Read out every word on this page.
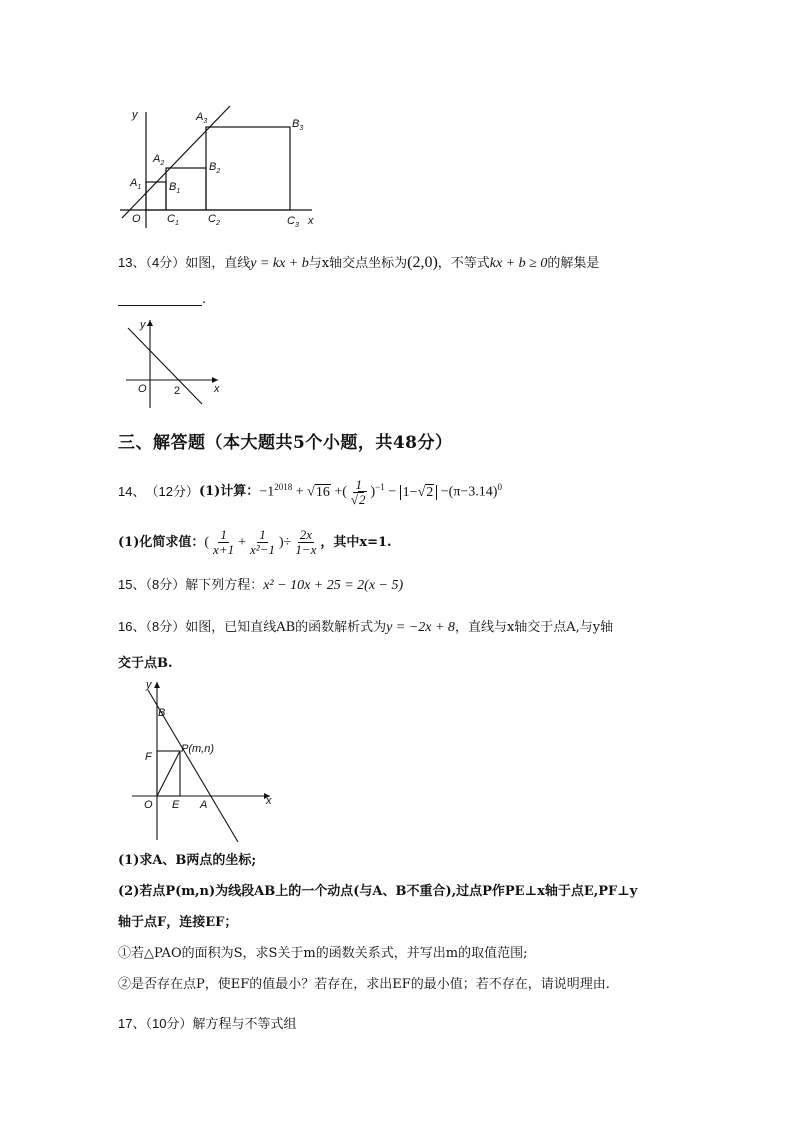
y
x
O
$A_1$
$A_2$
$A_3$
$B_1$
$B_2$
$B_3$
$C_1$	$C_2$	$C_3$
13、（4分）如图，直线y = kx + b与x轴交点坐标为(2,0)，不等式kx + b ≥ 0的解集是
.
y
x
O 2
三、解答题（本大题共5个小题，共48分）
14、 （12分） (1) 计算： $-1^{2018} + √16$ +( $\frac{1}{√2} )^{-1} - 1-√2 -(\pi-3.14)^0$
(1) 化简求值： ( $\frac{1}{x+1} + \frac{1}{\text{x²−1}}$ )÷ $\frac{2x}{1-x}$ ，其中x=1.
15、（8分）解下列方程：x² − 10x + 25 = 2(x − 5)
16、（8分）如图，已知直线AB的函数解析式为y = −2x + 8，直线与x轴交于点A,与y轴
交于点B.
y
x
O
B
F
P(m,n)
E A
(1)求A、B两点的坐标;
(2)若点P(m,n)为线段AB上的一个动点(与A、B不重合),过点P作PE⊥x轴于点E,PF⊥y
轴于点F，连接EF；
①若△PAO的面积为S，求S关于m的函数关系式，并写出m的取值范围;
②是否存在点P，使EF的值最小？若存在，求出EF的最小值；若不存在，请说明理由.
17、（10分）解方程与不等式组
